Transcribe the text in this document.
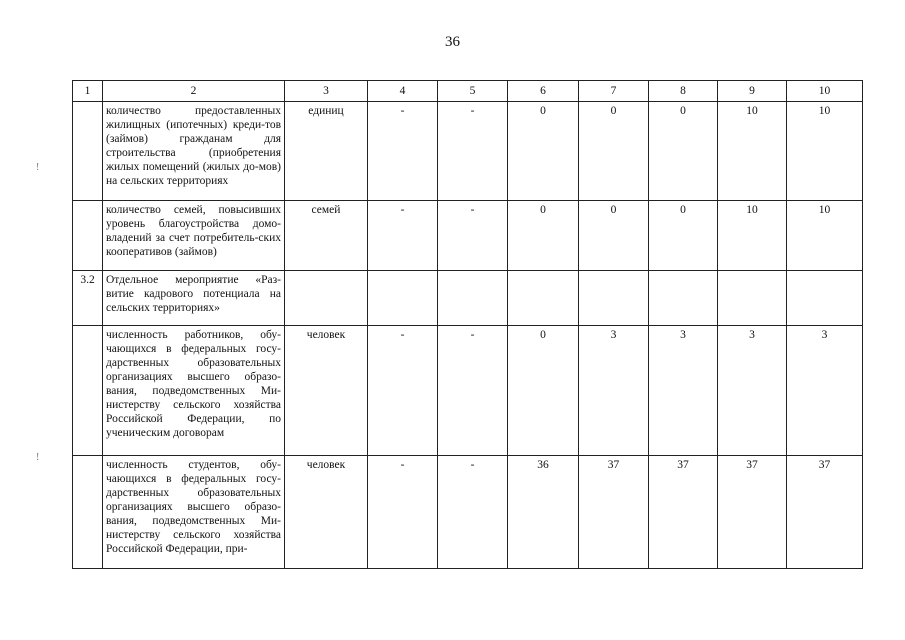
36
1	2	3	4	5	6	7	8	9	10
	количество предоставленных жилищных (ипотечных) креди-тов (займов) гражданам для строительства (приобретения жилых помещений (жилых до-мов) на сельских территориях	единиц	-	-	0	0	0	10	10
	количество семей, повысивших уровень благоустройства домо-владений за счет потребитель-ских кооперативов (займов)	семей	-	-	0	0	0	10	10
3.2	Отдельное мероприятие «Раз-витие кадрового потенциала на сельских территориях»								
	численность работников, обу-чающихся в федеральных госу-дарственных образовательных организациях высшего образо-вания, подведомственных Ми-нистерству сельского хозяйства Российской Федерации, по ученическим договорам	человек	-	-	0	3	3	3	3
	численность студентов, обу-чающихся в федеральных госу-дарственных образовательных организациях высшего образо-вания, подведомственных Ми-нистерству сельского хозяйства Российской Федерации, при-	человек	-	-	36	37	37	37	37
!
!
